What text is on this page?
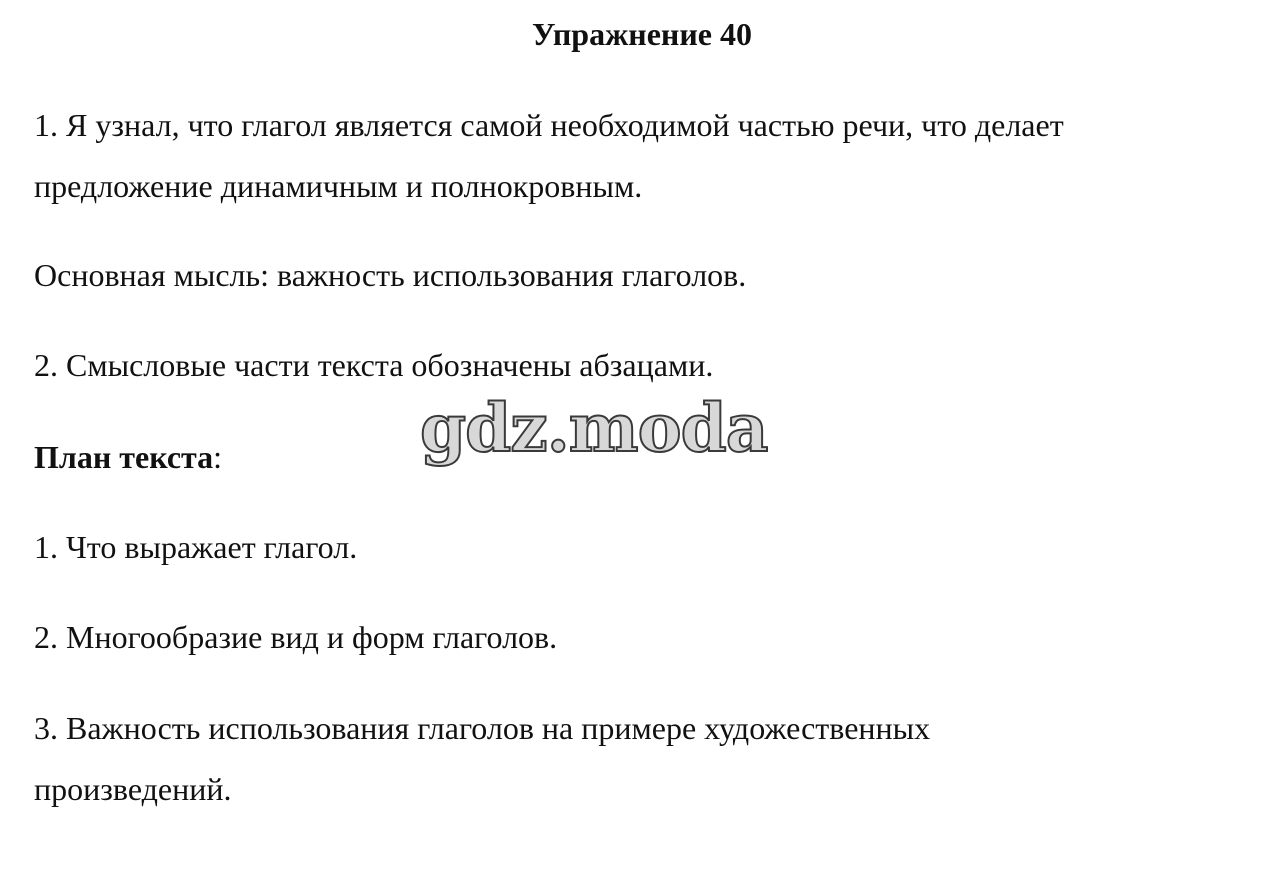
Упражнение 40

1. Я узнал, что глагол является самой необходимой частью речи, что делает
предложение динамичным и полнокровным.

Основная мысль: важность использования глаголов.

2. Смысловые части текста обозначены абзацами.

План текста:

1. Что выражает глагол.

2. Многообразие вид и форм глаголов.

3. Важность использования глаголов на примере художественных
произведений.

gdz.moda
